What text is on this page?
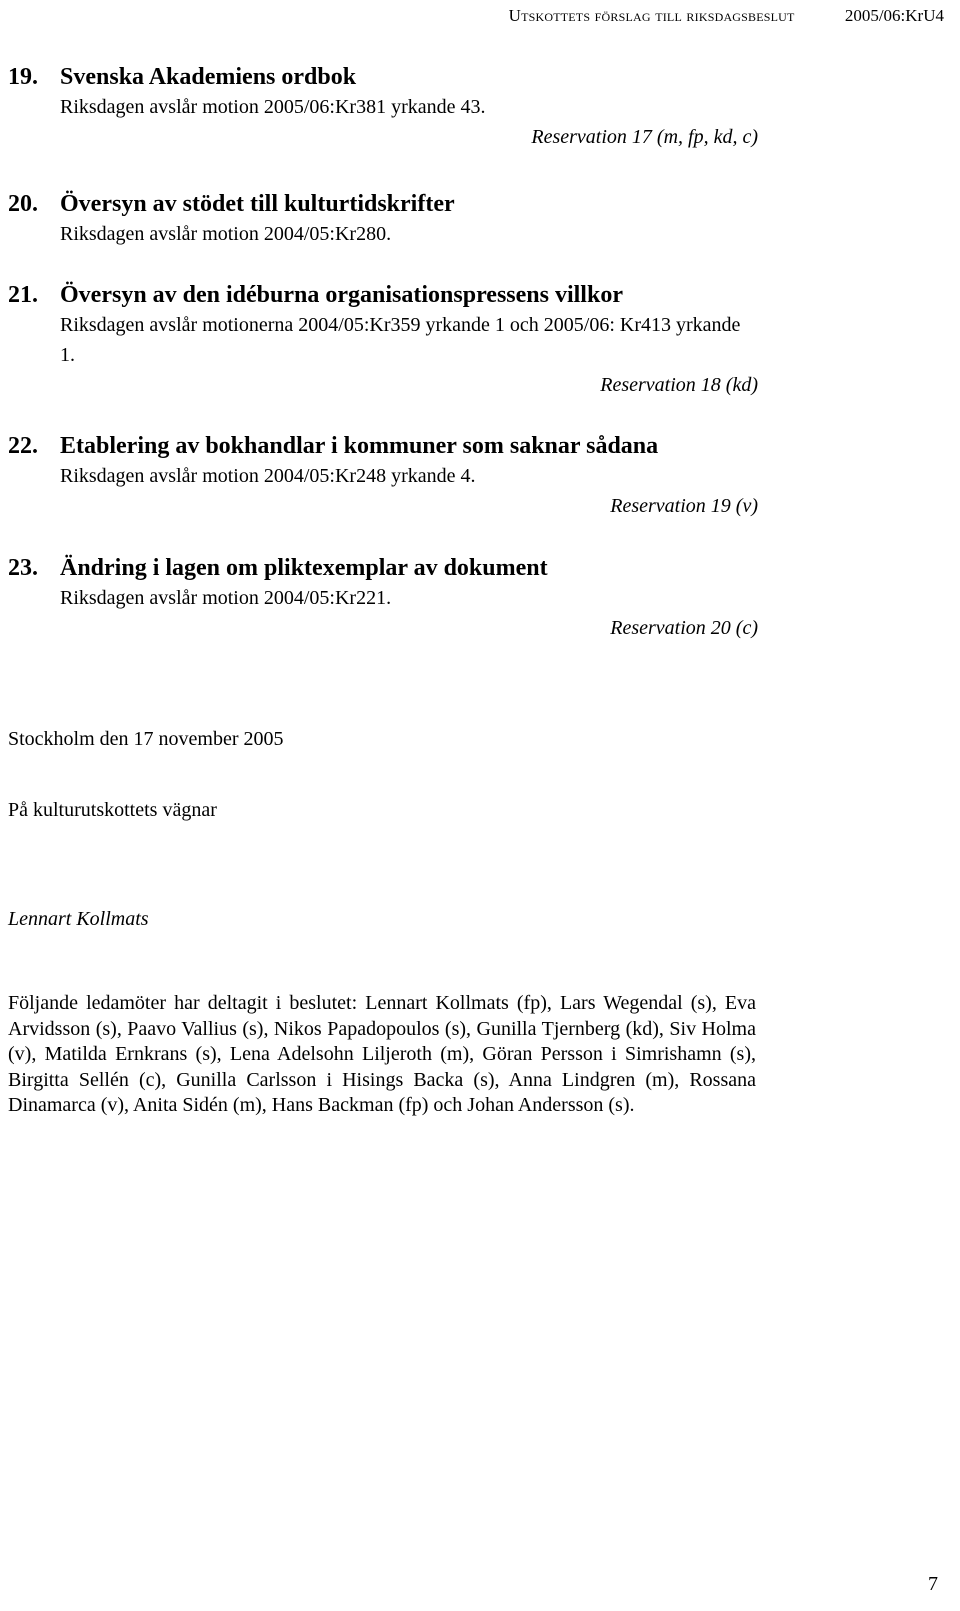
Utskottets förslag till riksdagsbeslut	2005/06:KrU4
19. Svenska Akademiens ordbok
Riksdagen avslår motion 2005/06:Kr381 yrkande 43.
Reservation 17 (m, fp, kd, c)
20. Översyn av stödet till kulturtidskrifter
Riksdagen avslår motion 2004/05:Kr280.
21. Översyn av den idéburna organisationspressens villkor
Riksdagen avslår motionerna 2004/05:Kr359 yrkande 1 och 2005/06: Kr413 yrkande 1.
Reservation 18 (kd)
22. Etablering av bokhandlar i kommuner som saknar sådana
Riksdagen avslår motion 2004/05:Kr248 yrkande 4.
Reservation 19 (v)
23. Ändring i lagen om pliktexemplar av dokument
Riksdagen avslår motion 2004/05:Kr221.
Reservation 20 (c)
Stockholm den 17 november 2005
På kulturutskottets vägnar
Lennart Kollmats
Följande ledamöter har deltagit i beslutet: Lennart Kollmats (fp), Lars Wegendal (s), Eva Arvidsson (s), Paavo Vallius (s), Nikos Papadopoulos (s), Gunilla Tjernberg (kd), Siv Holma (v), Matilda Ernkrans (s), Lena Adelsohn Liljeroth (m), Göran Persson i Simrishamn (s), Birgitta Sellén (c), Gunilla Carlsson i Hisings Backa (s), Anna Lindgren (m), Rossana Dinamarca (v), Anita Sidén (m), Hans Backman (fp) och Johan Andersson (s).
7
